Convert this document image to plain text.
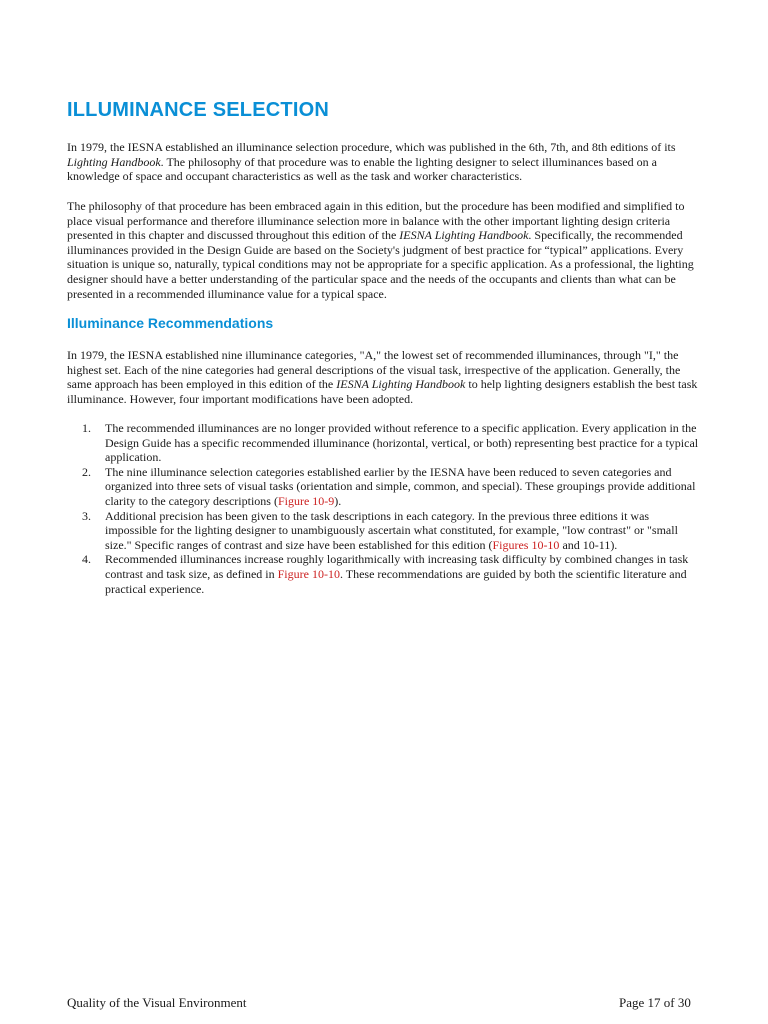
ILLUMINANCE SELECTION

In 1979, the IESNA established an illuminance selection procedure, which was published in the 6th, 7th, and 8th editions of its Lighting Handbook. The philosophy of that procedure was to enable the lighting designer to select illuminances based on a knowledge of space and occupant characteristics as well as the task and worker characteristics.

The philosophy of that procedure has been embraced again in this edition, but the procedure has been modified and simplified to place visual performance and therefore illuminance selection more in balance with the other important lighting design criteria presented in this chapter and discussed throughout this edition of the IESNA Lighting Handbook. Specifically, the recommended illuminances provided in the Design Guide are based on the Society's judgment of best practice for “typical” applications. Every situation is unique so, naturally, typical conditions may not be appropriate for a specific application. As a professional, the lighting designer should have a better understanding of the particular space and the needs of the occupants and clients than what can be presented in a recommended illuminance value for a typical space.

Illuminance Recommendations

In 1979, the IESNA established nine illuminance categories, "A," the lowest set of recommended illuminances, through "I," the highest set. Each of the nine categories had general descriptions of the visual task, irrespective of the application. Generally, the same approach has been employed in this edition of the IESNA Lighting Handbook to help lighting designers establish the best task illuminance. However, four important modifications have been adopted.

1. The recommended illuminances are no longer provided without reference to a specific application. Every application in the Design Guide has a specific recommended illuminance (horizontal, vertical, or both) representing best practice for a typical application.
2. The nine illuminance selection categories established earlier by the IESNA have been reduced to seven categories and organized into three sets of visual tasks (orientation and simple, common, and special). These groupings provide additional clarity to the category descriptions (Figure 10-9).
3. Additional precision has been given to the task descriptions in each category. In the previous three editions it was impossible for the lighting designer to unambiguously ascertain what constituted, for example, "low contrast" or "small size." Specific ranges of contrast and size have been established for this edition (Figures 10-10 and 10-11).
4. Recommended illuminances increase roughly logarithmically with increasing task difficulty by combined changes in task contrast and task size, as defined in Figure 10-10. These recommendations are guided by both the scientific literature and practical experience.
Quality of the Visual Environment	Page 17 of 30
